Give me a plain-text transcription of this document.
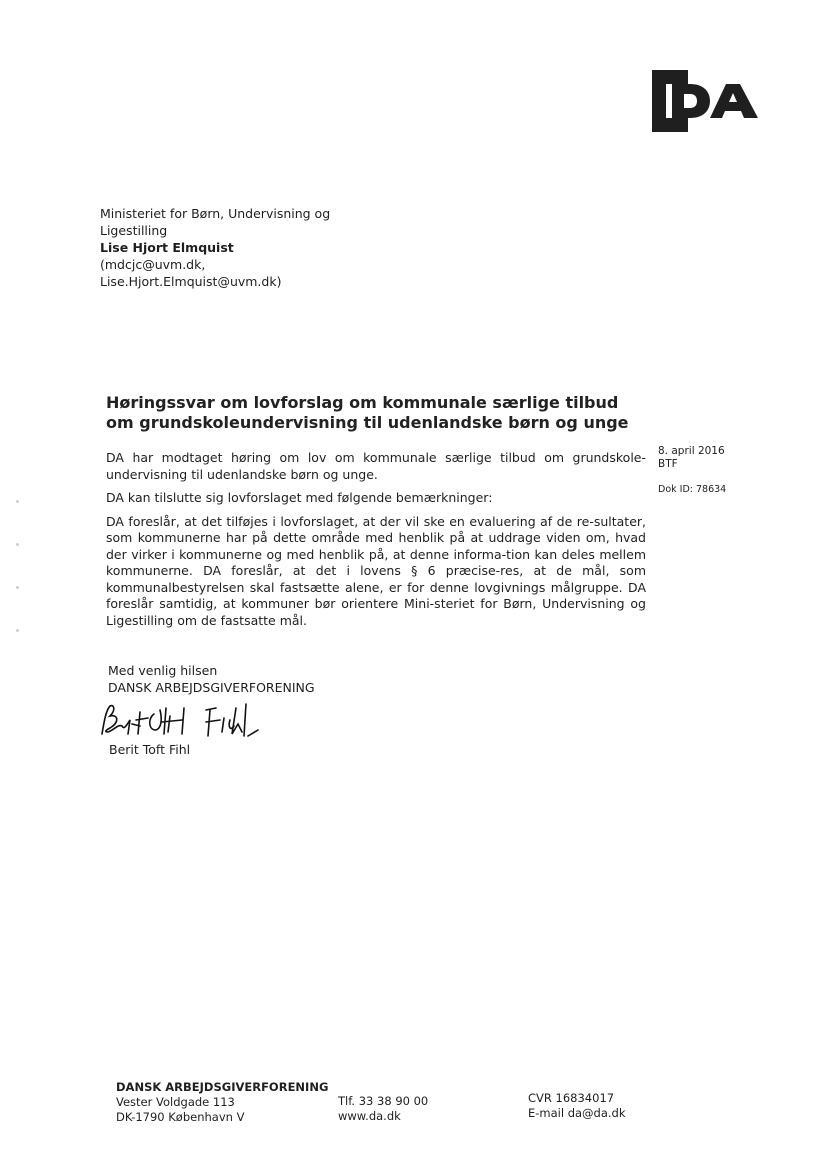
Ministeriet for Børn, Undervisning og
Ligestilling
Lise Hjort Elmquist
(mdcjc@uvm.dk,
Lise.Hjort.Elmquist@uvm.dk)
Høringssvar om lovforslag om kommunale særlige tilbud
om grundskoleundervisning til udenlandske børn og unge
8. april 2016
BTF
Dok ID: 78634

DA har modtaget høring om lov om kommunale særlige tilbud om grundskole-undervisning til udenlandske børn og unge.

DA kan tilslutte sig lovforslaget med følgende bemærkninger:

DA foreslår, at det tilføjes i lovforslaget, at der vil ske en evaluering af de re-sultater, som kommunerne har på dette område med henblik på at uddrage viden om, hvad der virker i kommunerne og med henblik på, at denne informa-tion kan deles mellem kommunerne. DA foreslår, at det i lovens § 6 præcise-res, at de mål, som kommunalbestyrelsen skal fastsætte alene, er for denne lovgivnings målgruppe. DA foreslår samtidig, at kommuner bør orientere Mini-steriet for Børn, Undervisning og Ligestilling om de fastsatte mål.

Med venlig hilsen
DANSK ARBEJDSGIVERFORENING
Berit Toft Fihl
DANSK ARBEJDSGIVERFORENING
Vester Voldgade 113
DK-1790 København V
Tlf. 33 38 90 00
www.da.dk
CVR 16834017
E-mail da@da.dk
